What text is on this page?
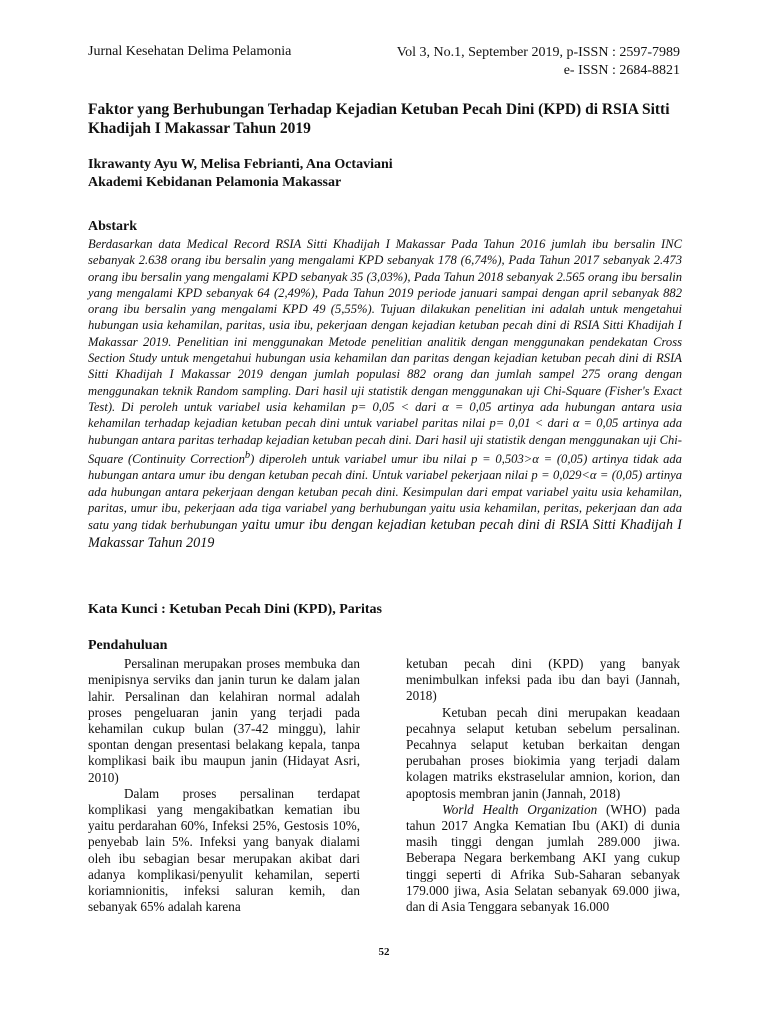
Jurnal Kesehatan Delima Pelamonia	Vol 3, No.1, September 2019, p-ISSN : 2597-7989
e- ISSN : 2684-8821
Faktor yang Berhubungan Terhadap Kejadian Ketuban Pecah Dini (KPD) di RSIA Sitti Khadijah I Makassar Tahun 2019
Ikrawanty Ayu W, Melisa Febrianti, Ana Octaviani
Akademi Kebidanan Pelamonia Makassar
Abstark
Berdasarkan data Medical Record RSIA Sitti Khadijah I Makassar Pada Tahun 2016 jumlah ibu bersalin INC sebanyak 2.638 orang ibu bersalin yang mengalami KPD sebanyak 178 (6,74%), Pada Tahun 2017 sebanyak 2.473 orang ibu bersalin yang mengalami KPD sebanyak 35 (3,03%), Pada Tahun 2018 sebanyak 2.565 orang ibu bersalin yang mengalami KPD sebanyak 64 (2,49%), Pada Tahun 2019 periode januari sampai dengan april sebanyak 882 orang ibu bersalin yang mengalami KPD 49 (5,55%). Tujuan dilakukan penelitian ini adalah untuk mengetahui hubungan usia kehamilan, paritas, usia ibu, pekerjaan dengan kejadian ketuban pecah dini di RSIA Sitti Khadijah I Makassar 2019. Penelitian ini menggunakan Metode penelitian analitik dengan menggunakan pendekatan Cross Section Study untuk mengetahui hubungan usia kehamilan dan paritas dengan kejadian ketuban pecah dini di RSIA Sitti Khadijah I Makassar 2019 dengan jumlah populasi 882 orang dan jumlah sampel 275 orang dengan menggunakan teknik Random sampling. Dari hasil uji statistik dengan menggunakan uji Chi-Square (Fisher's Exact Test). Di peroleh untuk variabel usia kehamilan p= 0,05 < dari α = 0,05 artinya ada hubungan antara usia kehamilan terhadap kejadian ketuban pecah dini untuk variabel paritas nilai p= 0,01 < dari α = 0,05 artinya ada hubungan antara paritas terhadap kejadian ketuban pecah dini. Dari hasil uji statistik dengan menggunakan uji Chi-Square (Continuity Correction$^b$) diperoleh untuk variabel umur ibu nilai p = 0,503>α = (0,05) artinya tidak ada hubungan antara umur ibu dengan ketuban pecah dini. Untuk variabel pekerjaan nilai p = 0,029<α = (0,05) artinya ada hubungan antara pekerjaan dengan ketuban pecah dini. Kesimpulan dari empat variabel yaitu usia kehamilan, paritas, umur ibu, pekerjaan ada tiga variabel yang berhubungan yaitu usia kehamilan, peritas, pekerjaan dan ada satu yang tidak berhubungan yaitu umur ibu dengan kejadian ketuban pecah dini di RSIA Sitti Khadijah I Makassar Tahun 2019
Kata Kunci : Ketuban Pecah Dini (KPD), Paritas
Pendahuluan

Persalinan merupakan proses membuka dan menipisnya serviks dan janin turun ke dalam jalan lahir. Persalinan dan kelahiran normal adalah proses pengeluaran janin yang terjadi pada kehamilan cukup bulan (37-42 minggu), lahir spontan dengan presentasi belakang kepala, tanpa komplikasi baik ibu maupun janin (Hidayat Asri, 2010)

Dalam proses persalinan terdapat komplikasi yang mengakibatkan kematian ibu yaitu perdarahan 60%, Infeksi 25%, Gestosis 10%, penyebab lain 5%. Infeksi yang banyak dialami oleh ibu sebagian besar merupakan akibat dari adanya komplikasi/penyulit kehamilan, seperti koriamnionitis, infeksi saluran kemih, dan sebanyak 65% adalah karena

ketuban pecah dini (KPD) yang banyak menimbulkan infeksi pada ibu dan bayi (Jannah, 2018)

Ketuban pecah dini merupakan keadaan pecahnya selaput ketuban sebelum persalinan. Pecahnya selaput ketuban berkaitan dengan perubahan proses biokimia yang terjadi dalam kolagen matriks ekstraselular amnion, korion, dan apoptosis membran janin (Jannah, 2018)

World Health Organization (WHO) pada tahun 2017 Angka Kematian Ibu (AKI) di dunia masih tinggi dengan jumlah 289.000 jiwa. Beberapa Negara berkembang AKI yang cukup tinggi seperti di Afrika Sub-Saharan sebanyak 179.000 jiwa, Asia Selatan sebanyak 69.000 jiwa, dan di Asia Tenggara sebanyak 16.000

52
